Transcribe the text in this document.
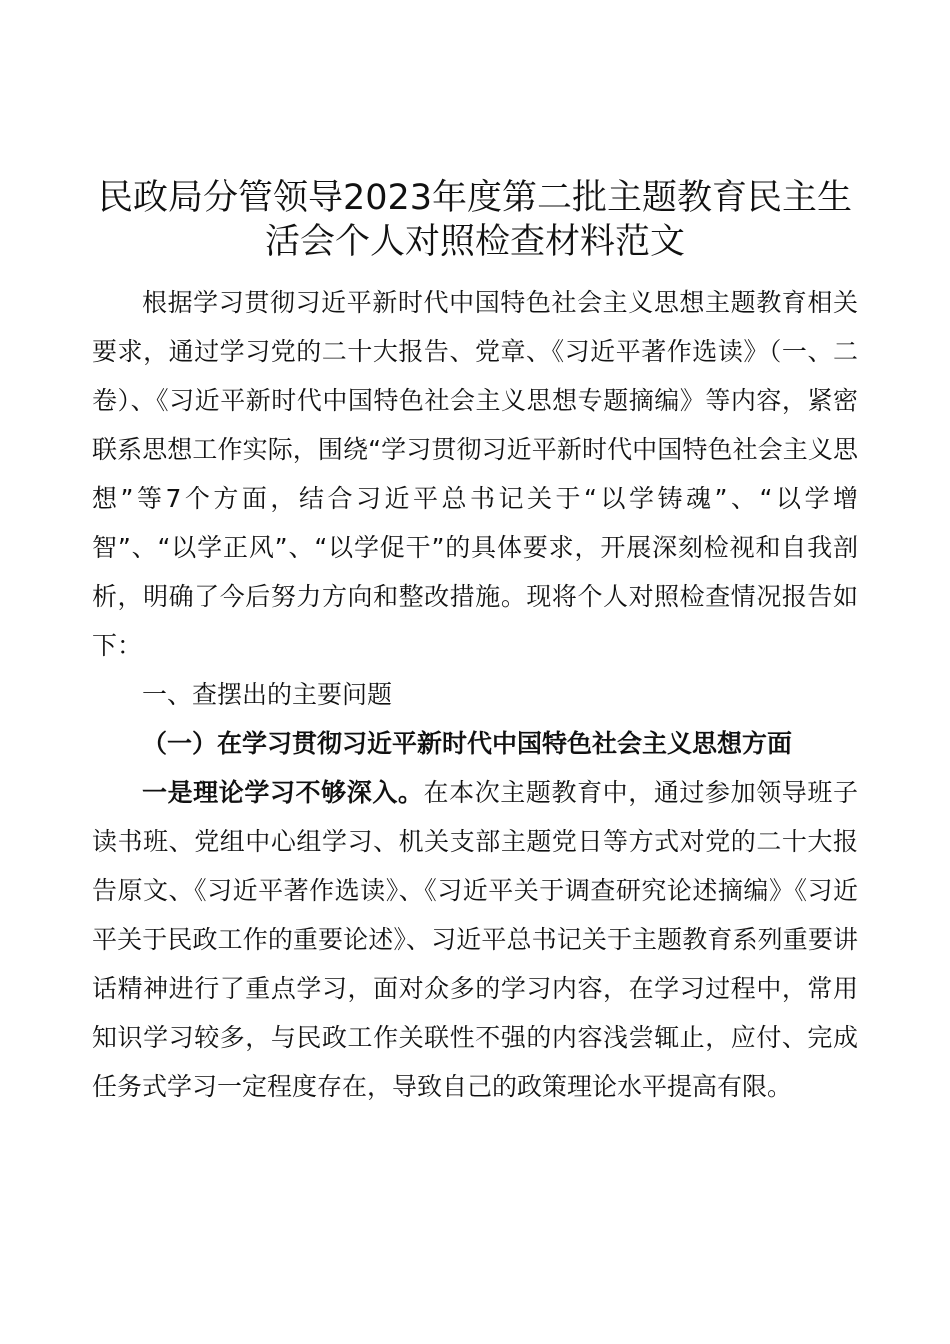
民政局分管领导2023年度第二批主题教育民主生
活会个人对照检查材料范文

根据学习贯彻习近平新时代中国特色社会主义思想主题教育相关要求，通过学习党的二十大报告、党章、《习近平著作选读》（一、二卷）、《习近平新时代中国特色社会主义思想专题摘编》等内容，紧密联系思想工作实际，围绕“学习贯彻习近平新时代中国特色社会主义思想”等7个方面，结合习近平总书记关于“以学铸魂”、“以学增智”、“以学正风”、“以学促干”的具体要求，开展深刻检视和自我剖析，明确了今后努力方向和整改措施。现将个人对照检查情况报告如下：

一、查摆出的主要问题

（一）在学习贯彻习近平新时代中国特色社会主义思想方面

一是理论学习不够深入。在本次主题教育中，通过参加领导班子读书班、党组中心组学习、机关支部主题党日等方式对党的二十大报告原文、《习近平著作选读》、《习近平关于调查研究论述摘编》《习近平关于民政工作的重要论述》、习近平总书记关于主题教育系列重要讲话精神进行了重点学习，面对众多的学习内容，在学习过程中，常用知识学习较多，与民政工作关联性不强的内容浅尝辄止，应付、完成任务式学习一定程度存在，导致自己的政策理论水平提高有限。
